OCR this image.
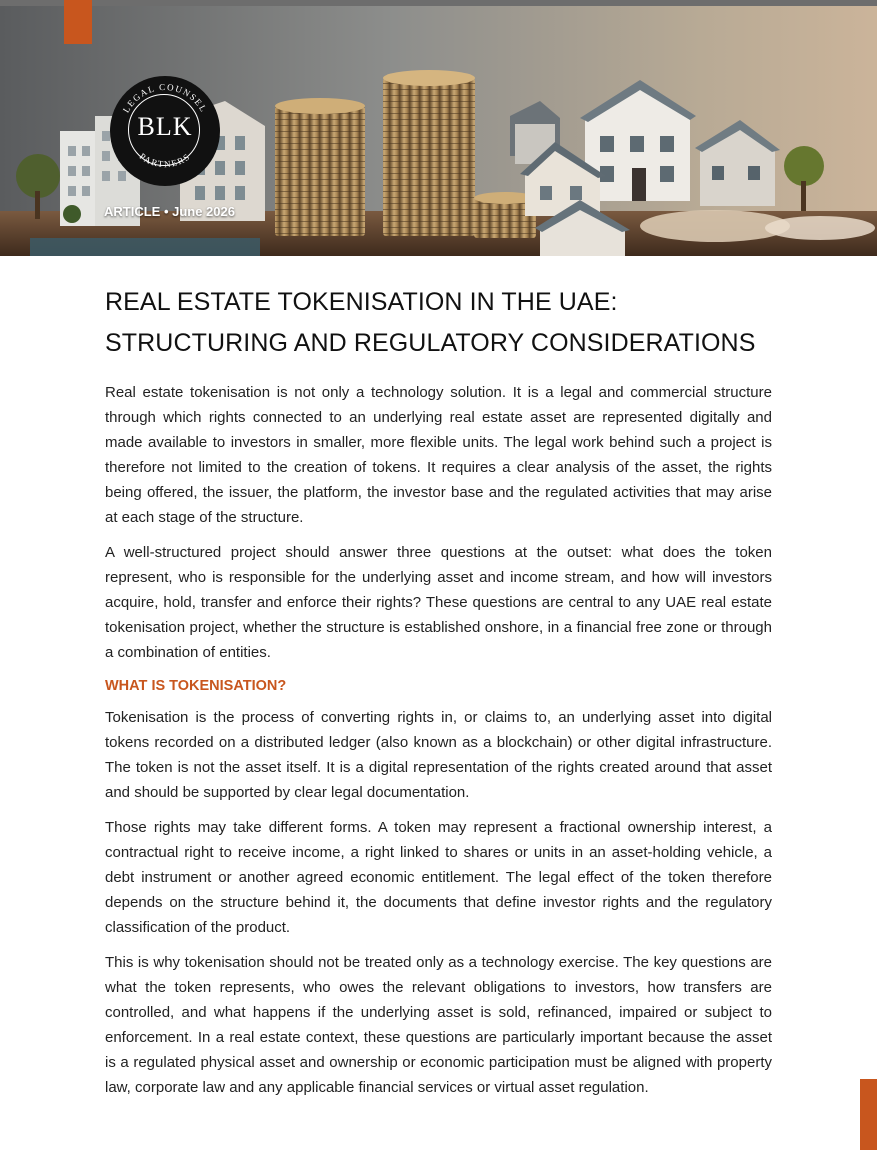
LEGAL COUNSEL
PARTNERS
BLK
ARTICLE • June 2026
REAL ESTATE TOKENISATION IN THE UAE: STRUCTURING AND REGULATORY CONSIDERATIONS

Real estate tokenisation is not only a technology solution. It is a legal and commercial structure through which rights connected to an underlying real estate asset are represented digitally and made available to investors in smaller, more flexible units. The legal work behind such a project is therefore not limited to the creation of tokens. It requires a clear analysis of the asset, the rights being offered, the issuer, the platform, the investor base and the regulated activities that may arise at each stage of the structure.

A well-structured project should answer three questions at the outset: what does the token represent, who is responsible for the underlying asset and income stream, and how will investors acquire, hold, transfer and enforce their rights? These questions are central to any UAE real estate tokenisation project, whether the structure is established onshore, in a financial free zone or through a combination of entities.

WHAT IS TOKENISATION?

Tokenisation is the process of converting rights in, or claims to, an underlying asset into digital tokens recorded on a distributed ledger (also known as a blockchain) or other digital infrastructure. The token is not the asset itself. It is a digital representation of the rights created around that asset and should be supported by clear legal documentation.

Those rights may take different forms. A token may represent a fractional ownership interest, a contractual right to receive income, a right linked to shares or units in an asset-holding vehicle, a debt instrument or another agreed economic entitlement. The legal effect of the token therefore depends on the structure behind it, the documents that define investor rights and the regulatory classification of the product.

This is why tokenisation should not be treated only as a technology exercise. The key questions are what the token represents, who owes the relevant obligations to investors, how transfers are controlled, and what happens if the underlying asset is sold, refinanced, impaired or subject to enforcement. In a real estate context, these questions are particularly important because the asset is a regulated physical asset and ownership or economic participation must be aligned with property law, corporate law and any applicable financial services or virtual asset regulation.
